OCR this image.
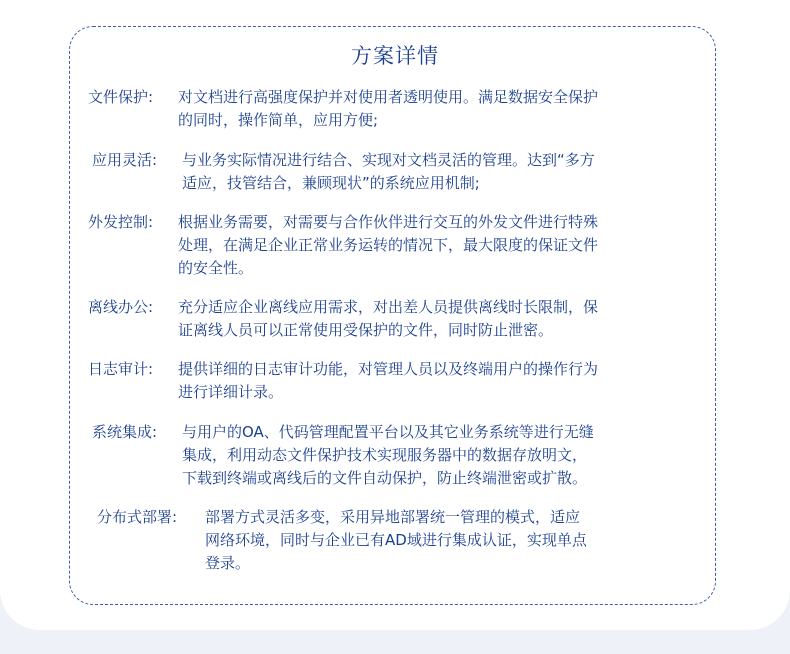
方案详情
文件保护:	对文档进行高强度保护并对使用者透明使用。满足数据安全保护
的同时，操作简单，应用方便;
应用灵活:	与业务实际情况进行结合、实现对文档灵活的管理。达到“多方
适应，技管结合，兼顾现状”的系统应用机制;
外发控制:	根据业务需要，对需要与合作伙伴进行交互的外发文件进行特殊
处理，在满足企业正常业务运转的情况下，最大限度的保证文件
的安全性。
离线办公:	充分适应企业离线应用需求，对出差人员提供离线时长限制，保
证离线人员可以正常使用受保护的文件，同时防止泄密。
日志审计:	提供详细的日志审计功能，对管理人员以及终端用户的操作行为
进行详细计录。
系统集成:	与用户的OA、代码管理配置平台以及其它业务系统等进行无缝
集成，利用动态文件保护技术实现服务器中的数据存放明文，
下载到终端或离线后的文件自动保护，防止终端泄密或扩散。
分布式部署:	部署方式灵活多变，采用异地部署统一管理的模式，适应
网络环境，同时与企业已有AD域进行集成认证，实现单点
登录。
